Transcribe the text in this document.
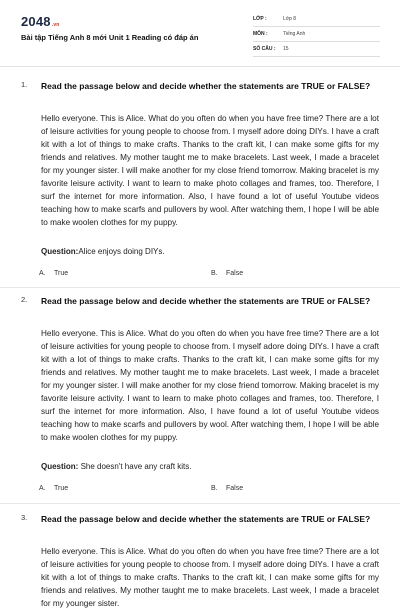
2048.vn
Bài tập Tiếng Anh 8 mới Unit 1 Reading có đáp án
LỚP :	Lớp 8
MÔN :	Tiếng Anh
SỐ CÂU : 15
1. Read the passage below and decide whether the statements are TRUE or FALSE?
Hello everyone. This is Alice. What do you often do when you have free time? There are a lot of leisure activities for young people to choose from. I myself adore doing DIYs. I have a craft kit with a lot of things to make crafts. Thanks to the craft kit, I can make some gifts for my friends and relatives. My mother taught me to make bracelets. Last week, I made a bracelet for my younger sister. I will make another for my close friend tomorrow. Making bracelet is my favorite leisure activity. I want to learn to make photo collages and frames, too. Therefore, I surf the internet for more information. Also, I have found a lot of useful Youtube videos teaching how to make scarfs and pullovers by wool. After watching them, I hope I will be able to make woolen clothes for my puppy.
Question:Alice enjoys doing DIYs.
A. True	B. False
2. Read the passage below and decide whether the statements are TRUE or FALSE?
Hello everyone. This is Alice. What do you often do when you have free time? There are a lot of leisure activities for young people to choose from. I myself adore doing DIYs. I have a craft kit with a lot of things to make crafts. Thanks to the craft kit, I can make some gifts for my friends and relatives. My mother taught me to make bracelets. Last week, I made a bracelet for my younger sister. I will make another for my close friend tomorrow. Making bracelet is my favorite leisure activity. I want to learn to make photo collages and frames, too. Therefore, I surf the internet for more information. Also, I have found a lot of useful Youtube videos teaching how to make scarfs and pullovers by wool. After watching them, I hope I will be able to make woolen clothes for my puppy.
Question: She doesn't have any craft kits.
A. True	B. False
3. Read the passage below and decide whether the statements are TRUE or FALSE?
Hello everyone. This is Alice. What do you often do when you have free time? There are a lot of leisure activities for young people to choose from. I myself adore doing DIYs. I have a craft kit with a lot of things to make crafts. Thanks to the craft kit, I can make some gifts for my friends and relatives. My mother taught me to make bracelets. Last week, I made a bracelet for my younger sister.
